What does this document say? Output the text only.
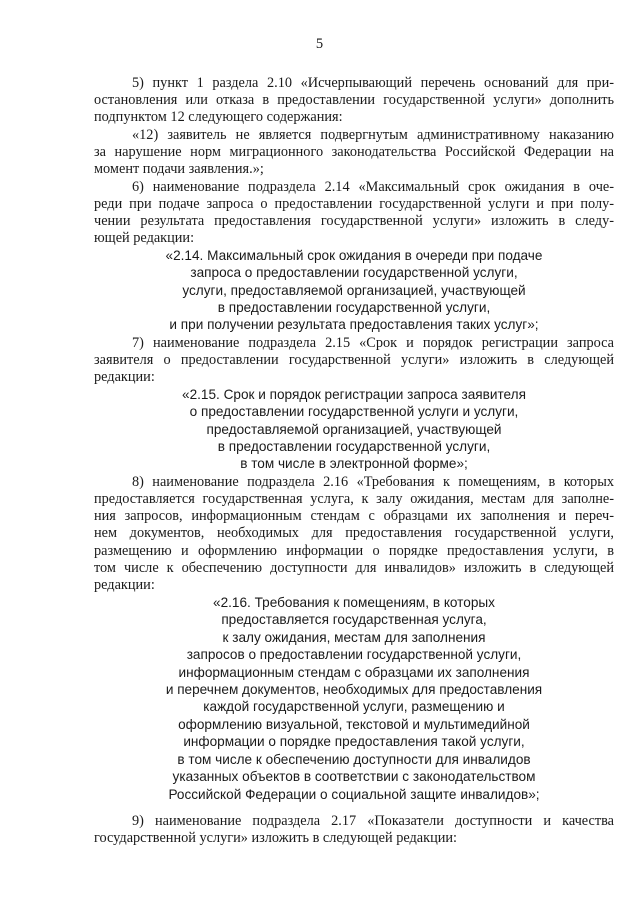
5
5) пункт 1 раздела 2.10 «Исчерпывающий перечень оснований для при-
остановления или отказа в предоставлении государственной услуги» дополнить
подпунктом 12 следующего содержания:
«12) заявитель не является подвергнутым административному наказанию
за нарушение норм миграционного законодательства Российской Федерации на
момент подачи заявления.»;
6) наименование подраздела 2.14 «Максимальный срок ожидания в оче-
реди при подаче запроса о предоставлении государственной услуги и при полу-
чении результата предоставления государственной услуги» изложить в следу-
ющей редакции:
«2.14. Максимальный срок ожидания в очереди при подаче
запроса о предоставлении государственной услуги,
услуги, предоставляемой организацией, участвующей
в предоставлении государственной услуги,
и при получении результата предоставления таких услуг»;
7) наименование подраздела 2.15 «Срок и порядок регистрации запроса
заявителя о предоставлении государственной услуги» изложить в следующей
редакции:
«2.15. Срок и порядок регистрации запроса заявителя
о предоставлении государственной услуги и услуги,
предоставляемой организацией, участвующей
в предоставлении государственной услуги,
в том числе в электронной форме»;
8) наименование подраздела 2.16 «Требования к помещениям, в которых
предоставляется государственная услуга, к залу ожидания, местам для заполне-
ния запросов, информационным стендам с образцами их заполнения и переч-
нем документов, необходимых для предоставления государственной услуги,
размещению и оформлению информации о порядке предоставления услуги, в
том числе к обеспечению доступности для инвалидов» изложить в следующей
редакции:
«2.16. Требования к помещениям, в которых
предоставляется государственная услуга,
к залу ожидания, местам для заполнения
запросов о предоставлении государственной услуги,
информационным стендам с образцами их заполнения
и перечнем документов, необходимых для предоставления
каждой государственной услуги, размещению и
оформлению визуальной, текстовой и мультимедийной
информации о порядке предоставления такой услуги,
в том числе к обеспечению доступности для инвалидов
указанных объектов в соответствии с законодательством
Российской Федерации о социальной защите инвалидов»;
9) наименование подраздела 2.17 «Показатели доступности и качества
государственной услуги» изложить в следующей редакции:
